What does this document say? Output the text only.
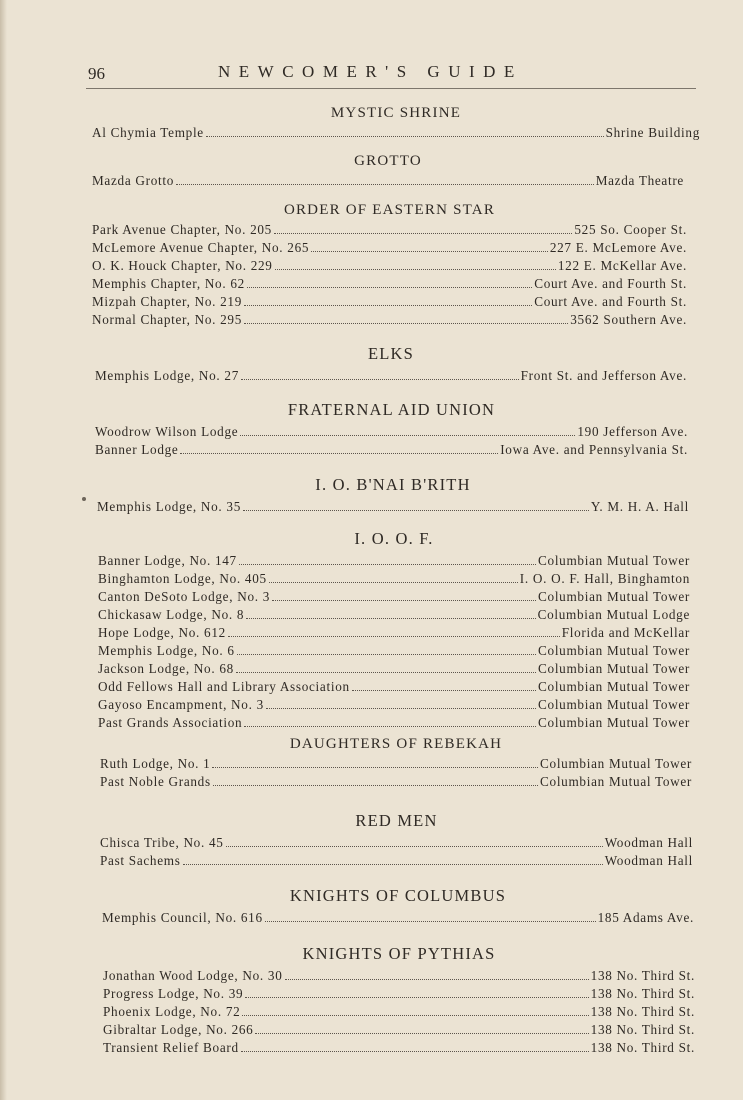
96	NEWCOMER'S GUIDE
MYSTIC SHRINE
Al Chymia Temple	Shrine Building
GROTTO
Mazda Grotto	Mazda Theatre
ORDER OF EASTERN STAR
Park Avenue Chapter, No. 205	525 So. Cooper St.
McLemore Avenue Chapter, No. 265	227 E. McLemore Ave.
O. K. Houck Chapter, No. 229	122 E. McKellar Ave.
Memphis Chapter, No. 62	Court Ave. and Fourth St.
Mizpah Chapter, No. 219	Court Ave. and Fourth St.
Normal Chapter, No. 295	3562 Southern Ave.
ELKS
Memphis Lodge, No. 27	Front St. and Jefferson Ave.
FRATERNAL AID UNION
Woodrow Wilson Lodge	190 Jefferson Ave.
Banner Lodge	Iowa Ave. and Pennsylvania St.
I. O. B'NAI B'RITH
Memphis Lodge, No. 35	Y. M. H. A. Hall
I. O. O. F.
Banner Lodge, No. 147	Columbian Mutual Tower
Binghamton Lodge, No. 405	I. O. O. F. Hall, Binghamton
Canton DeSoto Lodge, No. 3	Columbian Mutual Tower
Chickasaw Lodge, No. 8	Columbian Mutual Lodge
Hope Lodge, No. 612	Florida and McKellar
Memphis Lodge, No. 6	Columbian Mutual Tower
Jackson Lodge, No. 68	Columbian Mutual Tower
Odd Fellows Hall and Library Association	Columbian Mutual Tower
Gayoso Encampment, No. 3	Columbian Mutual Tower
Past Grands Association	Columbian Mutual Tower
DAUGHTERS OF REBEKAH
Ruth Lodge, No. 1	Columbian Mutual Tower
Past Noble Grands	Columbian Mutual Tower
RED MEN
Chisca Tribe, No. 45	Woodman Hall
Past Sachems	Woodman Hall
KNIGHTS OF COLUMBUS
Memphis Council, No. 616	185 Adams Ave.
KNIGHTS OF PYTHIAS
Jonathan Wood Lodge, No. 30	138 No. Third St.
Progress Lodge, No. 39	138 No. Third St.
Phoenix Lodge, No. 72	138 No. Third St.
Gibraltar Lodge, No. 266	138 No. Third St.
Transient Relief Board	138 No. Third St.
